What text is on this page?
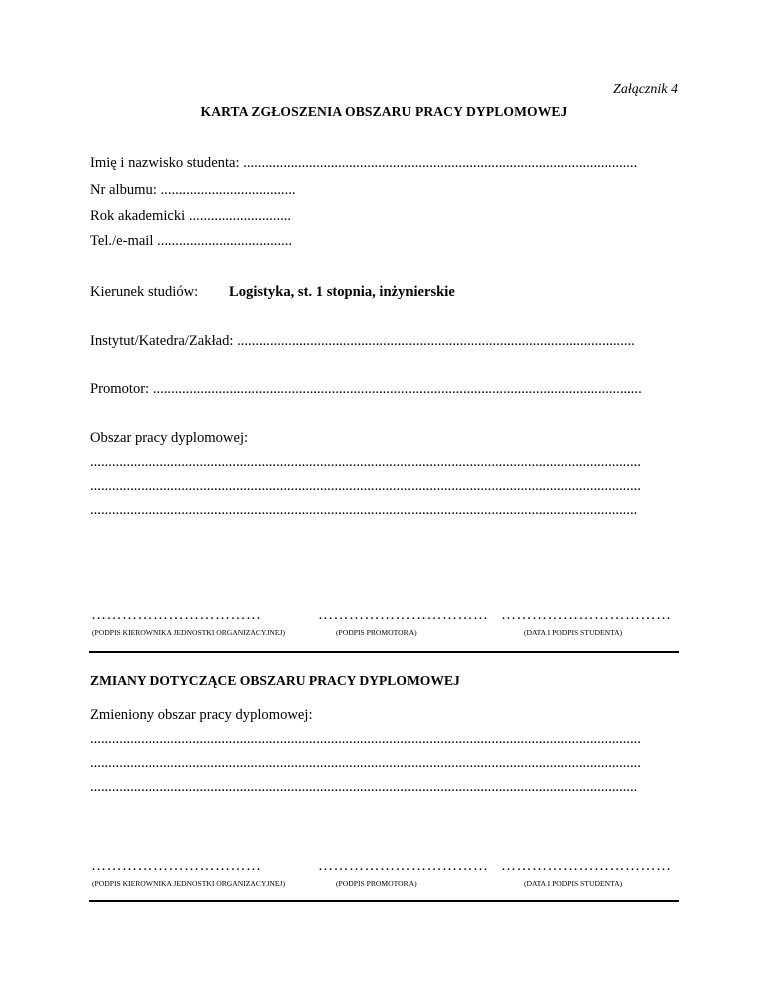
Załącznik 4
KARTA ZGŁOSZENIA OBSZARU PRACY DYPLOMOWEJ
Imię i nazwisko studenta: ............................................................................................................
Nr albumu: .....................................
Rok akademicki ............................
Tel./e-mail .....................................
Kierunek studiów: Logistyka, st. 1 stopnia, inżynierskie
Instytut/Katedra/Zakład: .............................................................................................................
Promotor: ......................................................................................................................................
Obszar pracy dyplomowej:
.......................................................................................................................................................
.......................................................................................................................................................
......................................................................................................................................................
……………………………	…………………………… ……………………………
(PODPIS KIEROWNIKA JEDNOSTKI ORGANIZACYJNEJ)	(PODPIS PROMOTORA)	(DATA I PODPIS STUDENTA)
ZMIANY DOTYCZĄCE OBSZARU PRACY DYPLOMOWEJ
Zmieniony obszar pracy dyplomowej:
.......................................................................................................................................................
.......................................................................................................................................................
......................................................................................................................................................
……………………………	…………………………… ……………………………
(PODPIS KIEROWNIKA JEDNOSTKI ORGANIZACYJNEJ)	(PODPIS PROMOTORA)	(DATA I PODPIS STUDENTA)
